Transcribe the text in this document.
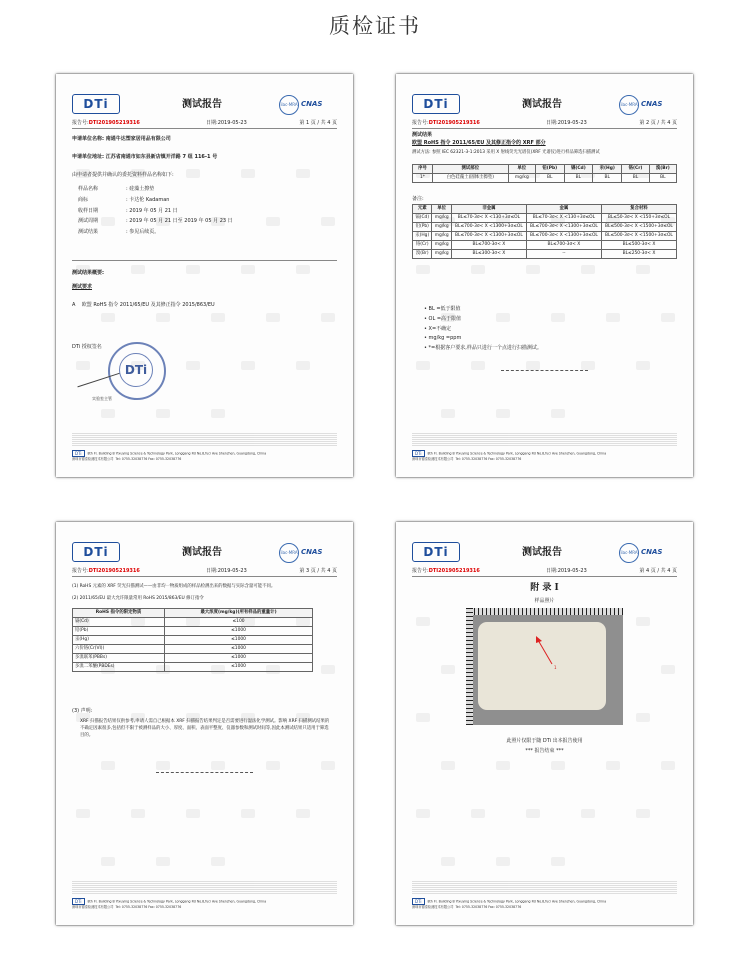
质检证书
DTi	测试报告	ilac-MRA CNAS
报告号:DTI201905219316	日期:2019-05-23	第 1 页 / 共 4 页
申请单位名称: 南通牛达塑家居用品有限公司
申请单位地址: 江苏省南通市如东县新店镇开洋路 7 组 116-1 号
由申请者提供并确认的委托资料样品名称如下:
样品名称	: 硅藻土擦垫
商标	: 卡达伦 Kadaman
收样日期	: 2019 年 05 月 21 日
测试周期	: 2019 年 05 月 21 日至 2019 年 05 月 23 日
测试结果	: 参见后续页。
测试结果概要:
测试要求
A 欧盟 RoHS 指令 2011/65/EU 及其修正指令 2015/863/EU
DTi 授权签名
DTi
实验室主管
DTi 8th Fl. Building B Yixuying Science & Technology Park, Longgang Rd No.8,fuci Ave Shenzhen, Guangdong, China
深圳市德泰检测技术有限公司 Tel: 0755-32038776 Fax: 0755-32038776
DTi	测试报告	ilac-MRA CNAS
报告号:DTI201905219316	日期:2019-05-23	第 2 页 / 共 4 页
测试结果
欧盟 RoHS 指令 2011/65/EU 及其修正指令的 XRF 部分
测试方法: 参照 IEC 62321-3-1:2013 采用 X 射线荧光光谱仪(XRF 光谱仪)进行样品筛选扫描测试
序号	测试部位	单位	铅(Pb)	镉(Cd)	汞(Hg)	铬(Cr)	溴(Br)
1*	白色硅藻土(固体土擦垫)	mg/kg	BL	BL	BL	BL	BL
备注:
元素	单位	非金属	金属	复合材料
镉(Cd)	mg/kg	BL≤70-3σ< X <130+3σ≤OL	BL≤70-3σ< X <130+3σ≤OL	BL≤50-3σ< X <150+3σ≤OL
铅(Pb)	mg/kg	BL≤700-3σ< X <1300+3σ≤OL	BL≤700-3σ< X <1300+3σ≤OL	BL≤500-3σ< X <1500+3σ≤OL
汞(Hg)	mg/kg	BL≤700-3σ< X <1300+3σ≤OL	BL≤700-3σ< X <1300+3σ≤OL	BL≤500-3σ< X <1500+3σ≤OL
铬(Cr)	mg/kg	BL≤700-3σ< X	BL≤700-3σ< X	BL≤500-3σ< X
溴(Br)	mg/kg	BL≤300-3σ< X	--	BL≤250-3σ< X
• BL =低于限值
• OL =高于限值
• X=不确定
• mg/kg =ppm
• *=根据客户要求,样品只进行一个点进行扫描测试。
DTi 8th Fl. Building B Yixuying Science & Technology Park, Longgang Rd No.8,fuci Ave Shenzhen, Guangdong, China
深圳市德泰检测技术有限公司 Tel: 0755-32038776 Fax: 0755-32038776
DTi	测试报告	ilac-MRA CNAS
报告号:DTI201905219316	日期:2019-05-23	第 3 页 / 共 4 页
(1) RoHS 元素的 XRF 荧光扫描测试——由非均一物质组成的样品检测出来的数据与实际含量可能不同。
(2) 2011/65/EU 最大允许限量常用 RoHS 2015/863/EU 修订指令
RoHS 指令的限定物质	最大浓度(mg/kg)(所有样品的重量计)
镉(Cd)	≤100
铅(Pb)	≤1000
汞(Hg)	≤1000
六价铬(Cr(VI))	≤1000
多溴联苯(PBBs)	≤1000
多溴二苯醚(PBDEs)	≤1000
(3) 声明:
XRF 扫描报告结果仅供参考,申请人需自己根据本 XRF 扫描报告结果判定是否需要进行湿法化学测试。影响 XRF 扫描测试结果的不确定因素很多,包括但不限于被测样品的大小、厚度、面积、表面平整度、仪器参数和测试时间等,因此本测试结果只适用于筛选目的。
DTi 8th Fl. Building B Yixuying Science & Technology Park, Longgang Rd No.8,fuci Ave Shenzhen, Guangdong, China
深圳市德泰检测技术有限公司 Tel: 0755-32038776 Fax: 0755-32038776
DTi	测试报告	ilac-MRA CNAS
报告号:DTI201905219316	日期:2019-05-23	第 4 页 / 共 4 页
附 录 I
样品照片
1
此照片仅限于随 DTi 出本报告使用
*** 报告结束 ***
DTi 8th Fl. Building B Yixuying Science & Technology Park, Longgang Rd No.8,fuci Ave Shenzhen, Guangdong, China
深圳市德泰检测技术有限公司 Tel: 0755-32038776 Fax: 0755-32038776
